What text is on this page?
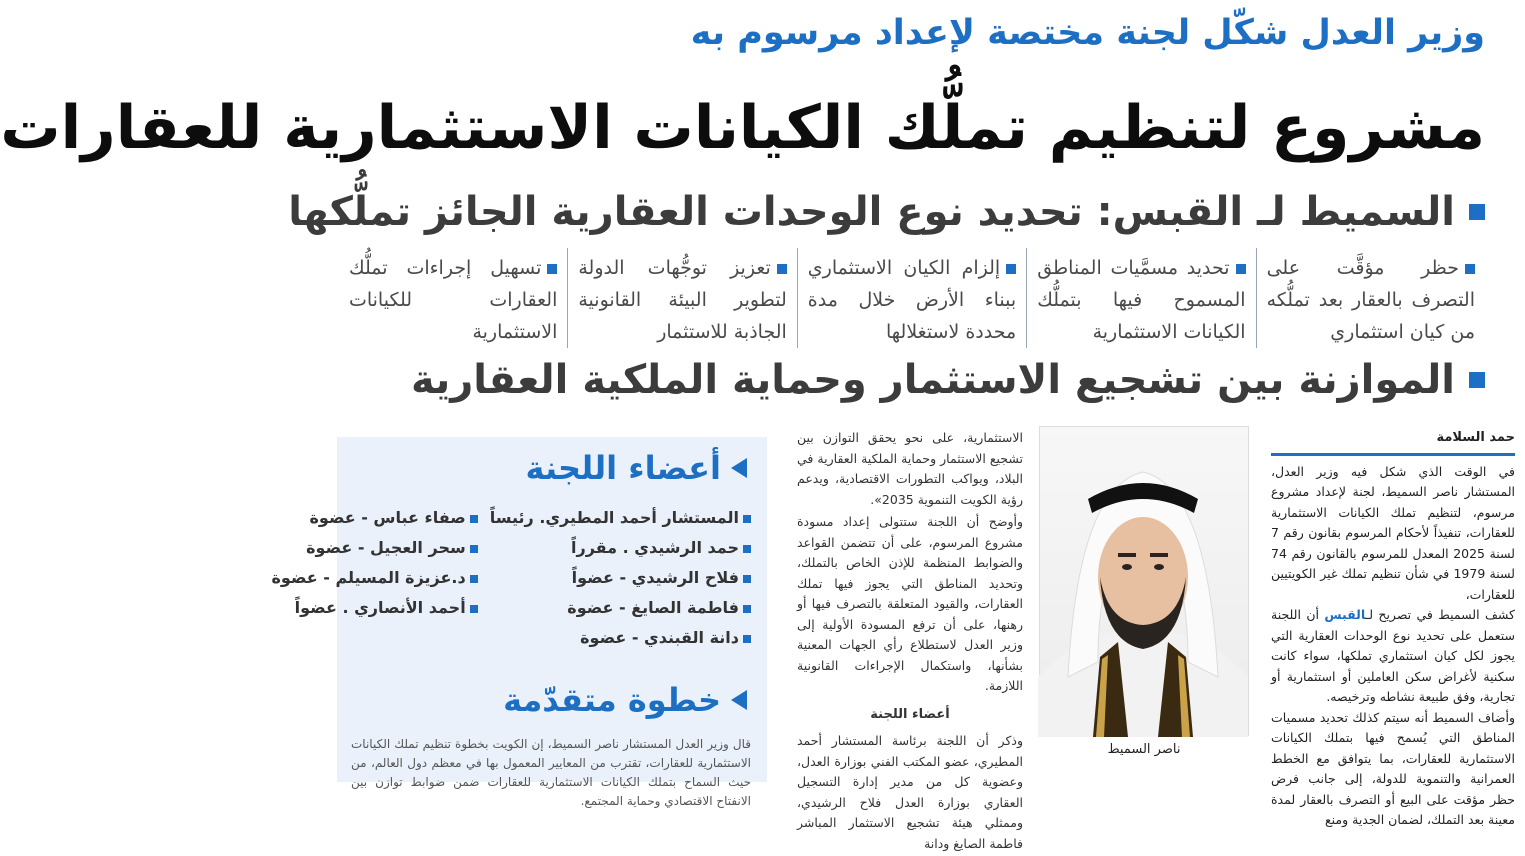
وزير العدل شكّل لجنة مختصة لإعداد مرسوم به
مشروع لتنظيم تملُّك الكيانات الاستثمارية للعقارات
السميط لـ القبس: تحديد نوع الوحدات العقارية الجائز تملُّكها
حظر مؤقَّت على التصرف بالعقار بعد تملُّكه من كيان استثماري
تحديد مسمَّيات المناطق المسموح فيها بتملُّك الكيانات الاستثمارية
إلزام الكيان الاستثماري ببناء الأرض خلال مدة محددة لاستغلالها
تعزيز توجُّهات الدولة لتطوير البيئة القانونية الجاذبة للاستثمار
تسهيل إجراءات تملُّك العقارات للكيانات الاستثمارية
الموازنة بين تشجيع الاستثمار وحماية الملكية العقارية
أعضاء اللجنة
المستشار أحمد المطيري. رئيساً
صفاء عباس - عضوة
حمد الرشيدي . مقرراً
سحر العجيل - عضوة
فلاح الرشيدي - عضواً
د.عزيزة المسيلم - عضوة
فاطمة الصايغ - عضوة
أحمد الأنصاري . عضواً
دانة القبندي - عضوة
خطوة متقدّمة
قال وزير العدل المستشار ناصر السميط، إن الكويت بخطوة تنظيم تملك الكيانات الاستثمارية للعقارات، تقترب من المعايير المعمول بها في معظم دول العالم، من حيث السماح بتملك الكيانات الاستثمارية للعقارات ضمن ضوابط توازن بين الانفتاح الاقتصادي وحماية المجتمع.

الاستثمارية، على نحو يحقق التوازن بين تشجيع الاستثمار وحماية الملكية العقارية في البلاد، ويواكب التطورات الاقتصادية، ويدعم رؤية الكويت التنموية 2035».

وأوضح أن اللجنة ستتولى إعداد مسودة مشروع المرسوم، على أن تتضمن القواعد والضوابط المنظمة للإذن الخاص بالتملك، وتحديد المناطق التي يجوز فيها تملك العقارات، والقيود المتعلقة بالتصرف فيها أو رهنها، على أن ترفع المسودة الأولية إلى وزير العدل لاستطلاع رأي الجهات المعنية بشأنها، واستكمال الإجراءات القانونية اللازمة.

أعضاء اللجنة

وذكر أن اللجنة برئاسة المستشار أحمد المطيري، عضو المكتب الفني بوزارة العدل، وعضوية كل من مدير إدارة التسجيل العقاري بوزارة العدل فلاح الرشيدي، وممثلي هيئة تشجيع الاستثمار المباشر فاطمة الصايغ ودانة

ناصر السميط
حمد السلامة

في الوقت الذي شكل فيه وزير العدل، المستشار ناصر السميط، لجنة لإعداد مشروع مرسوم، لتنظيم تملك الكيانات الاستثمارية للعقارات، تنفيذاً لأحكام المرسوم بقانون رقم 7 لسنة 2025 المعدل للمرسوم بالقانون رقم 74 لسنة 1979 في شأن تنظيم تملك غير الكويتيين للعقارات،

كشف السميط في تصريح لـالقبس أن اللجنة ستعمل على تحديد نوع الوحدات العقارية التي يجوز لكل كيان استثماري تملكها، سواء كانت سكنية لأغراض سكن العاملين أو استثمارية أو تجارية، وفق طبيعة نشاطه وترخيصه.

وأضاف السميط أنه سيتم كذلك تحديد مسميات المناطق التي يُسمح فيها بتملك الكيانات الاستثمارية للعقارات، بما يتوافق مع الخطط العمرانية والتنموية للدولة، إلى جانب فرض حظر مؤقت على البيع أو التصرف بالعقار لمدة معينة بعد التملك، لضمان الجدية ومنع
